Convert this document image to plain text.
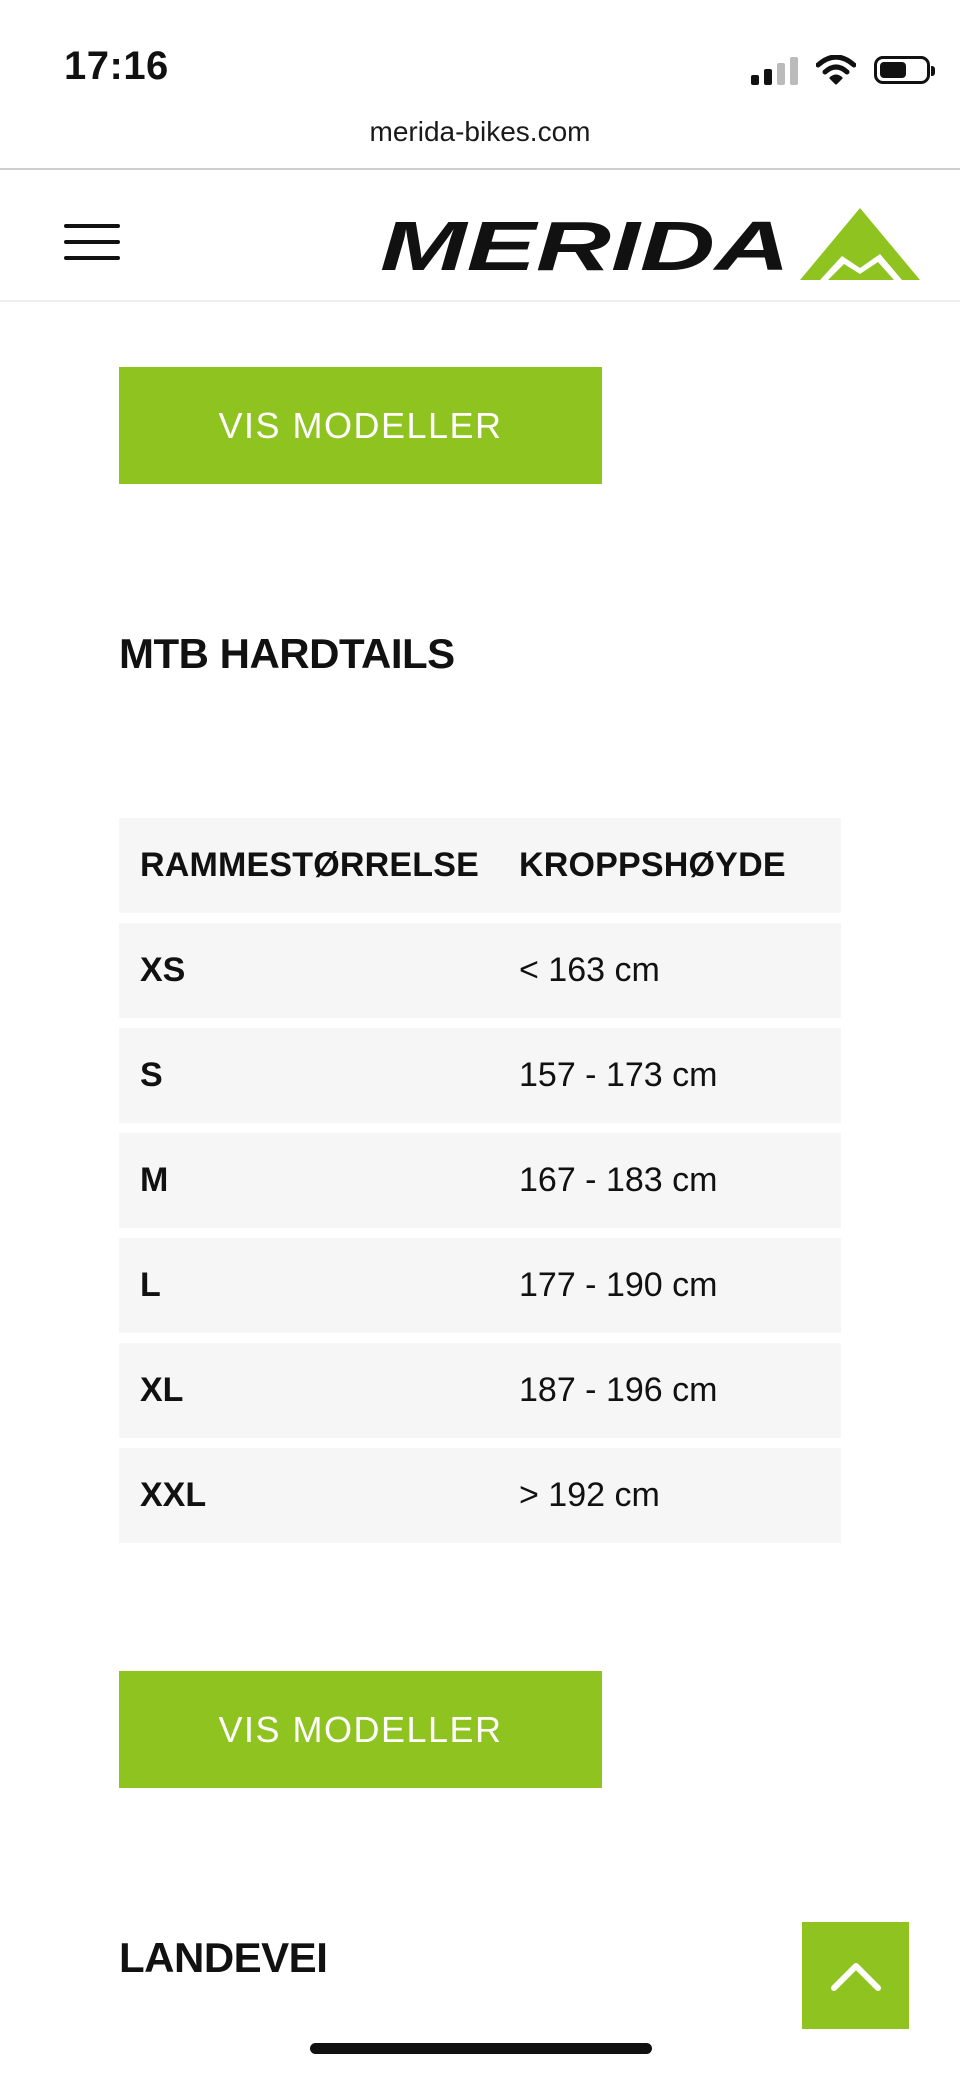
17:16
merida-bikes.com
MERIDA
VIS MODELLER
MTB HARDTAILS
RAMMESTØRRELSE	KROPPSHØYDE
XS	< 163 cm
S	157 - 173 cm
M	167 - 183 cm
L	177 - 190 cm
XL	187 - 196 cm
XXL	> 192 cm
VIS MODELLER
LANDEVEI
